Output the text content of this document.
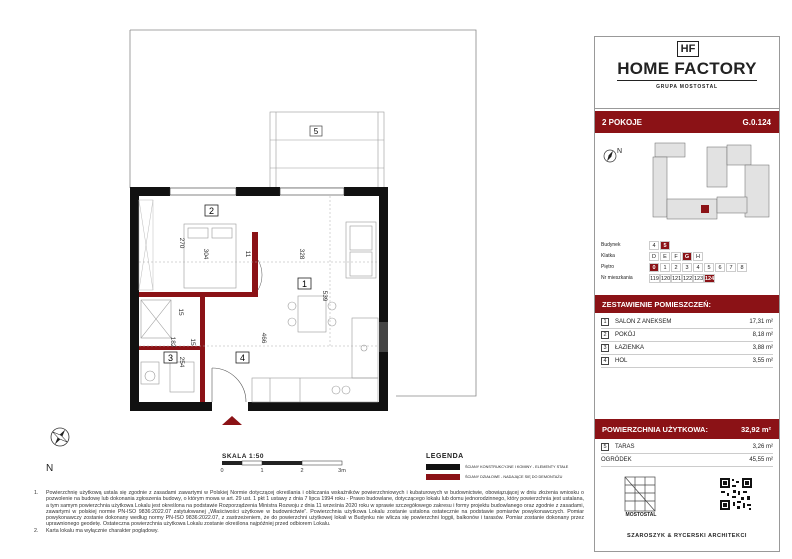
5
2
1
3	4
270
304	11	328
539
466
15
182 15
254
N	0	1	2	3m
SKALA 1:50	LEGENDA
ŚCIANY KONSTRUKCYJNE I KOMINY - ELEMENTY STAŁE
ŚCIANY DZIAŁOWE - NADAJĄCE SIĘ DO DEMONTAŻU
1. Powierzchnię użytkową ustala się zgodnie z zasadami zawartymi w Polskiej Normie dotyczącej określania i obliczania wskaźników powierzchniowych i kubaturowych w budownictwie, obowiązującej w dniu złożenia wniosku o pozwolenie na budowę lub dokonania zgłoszenia budowy, o którym mowa w art. 29 ust. 1 pkt 1 ustawy z dnia 7 lipca 1994 roku - Prawo budowlane, dotyczącego lokalu lub domu jednorodzinnego, który powierzchnia jest ustalana, a tym samym powierzchnia użytkowa Lokalu jest określona na podstawie Rozporządzenia Ministra Rozwoju z dnia 11 września 2020 roku w sprawie szczegółowego zakresu i formy projektu budowlanego oraz zgodnie z zasadami, zawartymi w polskiej normie PN-ISO 9836:2022.07 zatytułowanej „Właściwości użytkowe w budownictwie”. Powierzchnia użytkowa Lokalu zostanie ustalona ostatecznie na podstawie pomiarów powykonawczych. Pomiar powykonawczy zostanie dokonany według normy PN-ISO 9836:2022.07, z zastrzeżeniem, że do powierzchni użytkowej lokali w Budynku nie wlicza się powierzchni loggii, balkonów i tarasów. Pomiar zostanie dokonany przez uprawnionego geodetę. Ostateczna powierzchnia użytkowa Lokalu zostanie określona najpóźniej przed odbiorem Lokalu.
2. Karta lokalu ma wyłącznie charakter poglądowy.
HF
HOME FACTORY
GRUPA MOSTOSTAL
2 POKOJE	G.0.124
N
Budynek	4	5
Klatka	D	E	F	G	H
Piętro	0	1	2	3	4	5	6	7	8
Nr mieszkania	119 120 121 122 123 124
ZESTAWIENIE POMIESZCZEŃ:
1	SALON Z ANEKSEM	17,31 m²
2	POKÓJ	8,18 m²
3	ŁAZIENKA	3,88 m²
4	HOL	3,55 m²
POWIERZCHNIA UŻYTKOWA:	32,92 m²
5	TARAS	3,26 m²
OGRÓDEK	45,55 m²
MOSTOSTAL
SZAROSZYK & RYCERSKI ARCHITEKCI
